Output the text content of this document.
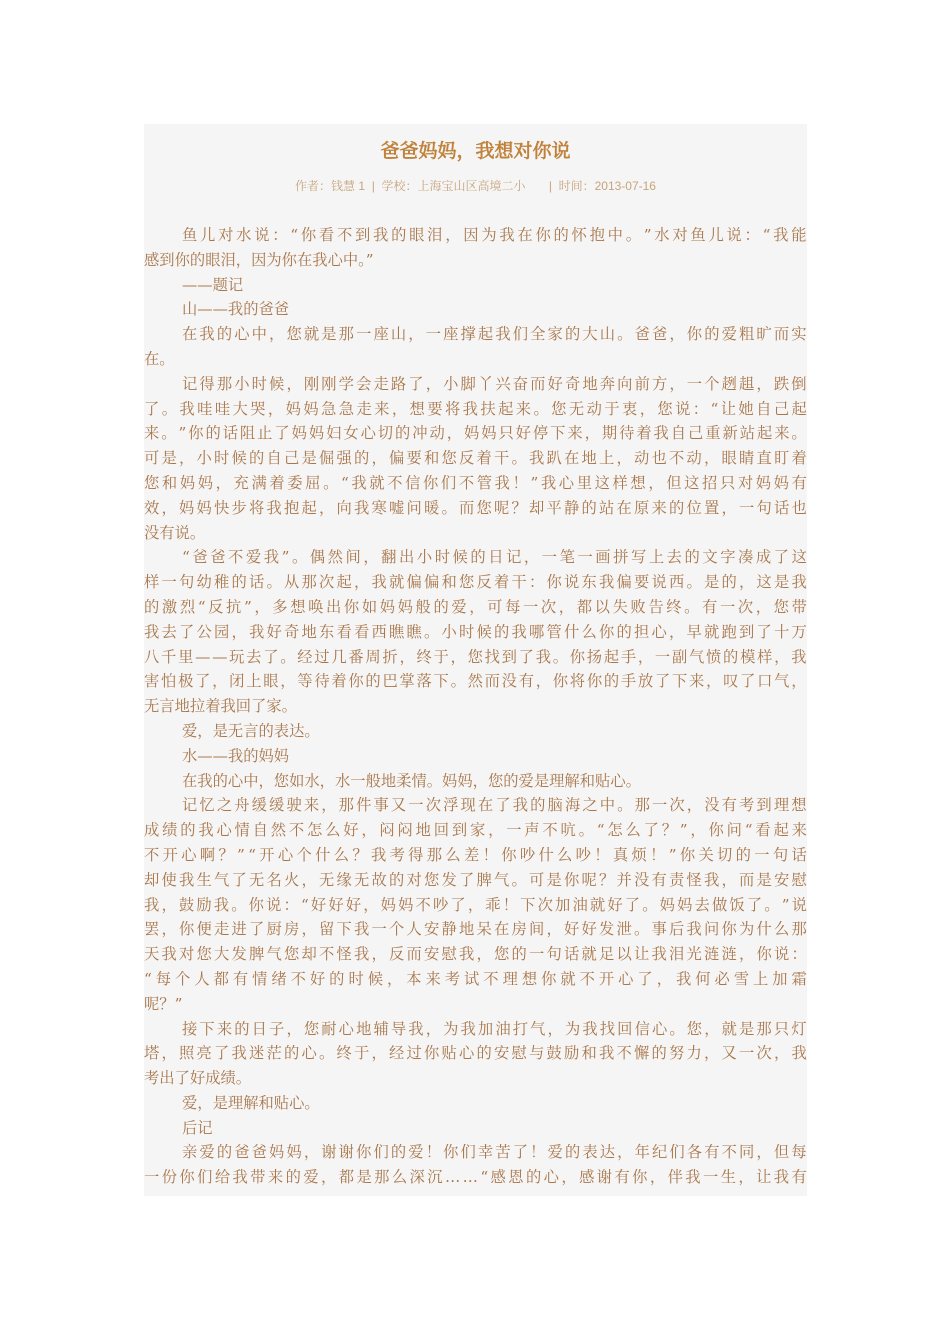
爸爸妈妈，我想对你说
作者：钱慧 1  |  学校：上海宝山区高境二小       |  时间：2013-07-16
鱼 儿 对 水 说 ： “ 你 看 不 到 我 的 眼 泪 ， 因 为 我 在 你 的 怀 抱 中 。 ” 水 对 鱼 儿 说 ： “ 我 能
感到你的眼泪，因为你在我心中。”
——题记
山——我的爸爸
在 我 的 心 中 ， 您 就 是 那 一 座 山 ， 一 座 撑 起 我 们 全 家 的 大 山 。 爸 爸 ， 你 的 爱 粗 旷 而 实
在。
记 得 那 小 时 候 ， 刚 刚 学 会 走 路 了 ， 小 脚 丫 兴 奋 而 好 奇 地 奔 向 前 方 ， 一 个 趔 趄 ， 跌 倒
了 。 我 哇 哇 大 哭 ， 妈 妈 急 急 走 来 ， 想 要 将 我 扶 起 来 。 您 无 动 于 衷 ， 您 说 ： “ 让 她 自 己 起
来 。 ” 你 的 话 阻 止 了 妈 妈 妇 女 心 切 的 冲 动 ， 妈 妈 只 好 停 下 来 ， 期 待 着 我 自 己 重 新 站 起 来 。
可 是 ， 小 时 候 的 自 己 是 倔 强 的 ， 偏 要 和 您 反 着 干 。 我 趴 在 地 上 ， 动 也 不 动 ， 眼 睛 直 盯 着
您 和 妈 妈 ， 充 满 着 委 屈 。 “ 我 就 不 信 你 们 不 管 我 ！ ” 我 心 里 这 样 想 ， 但 这 招 只 对 妈 妈 有
效 ， 妈 妈 快 步 将 我 抱 起 ， 向 我 寒 嘘 问 暖 。 而 您 呢 ？ 却 平 静 的 站 在 原 来 的 位 置 ， 一 句 话 也
没有说。
“ 爸 爸 不 爱 我 ” 。 偶 然 间 ， 翻 出 小 时 候 的 日 记 ， 一 笔 一 画 拼 写 上 去 的 文 字 凑 成 了 这
样 一 句 幼 稚 的 话 。 从 那 次 起 ， 我 就 偏 偏 和 您 反 着 干 ： 你 说 东 我 偏 要 说 西 。 是 的 ， 这 是 我
的 激 烈 “ 反 抗 ” ， 多 想 唤 出 你 如 妈 妈 般 的 爱 ， 可 每 一 次 ， 都 以 失 败 告 终 。 有 一 次 ， 您 带
我 去 了 公 园 ， 我 好 奇 地 东 看 看 西 瞧 瞧 。 小 时 候 的 我 哪 管 什 么 你 的 担 心 ， 早 就 跑 到 了 十 万
八 千 里 — — 玩 去 了 。 经 过 几 番 周 折 ， 终 于 ， 您 找 到 了 我 。 你 扬 起 手 ， 一 副 气 愤 的 模 样 ， 我
害 怕 极 了 ， 闭 上 眼 ， 等 待 着 你 的 巴 掌 落 下 。 然 而 没 有 ， 你 将 你 的 手 放 了 下 来 ， 叹 了 口 气 ，
无言地拉着我回了家。
爱，是无言的表达。
水——我的妈妈
在我的心中，您如水，水一般地柔情。妈妈，您的爱是理解和贴心。
记 忆 之 舟 缓 缓 驶 来 ， 那 件 事 又 一 次 浮 现 在 了 我 的 脑 海 之 中 。 那 一 次 ， 没 有 考 到 理 想
成 绩 的 我 心 情 自 然 不 怎 么 好 ， 闷 闷 地 回 到 家 ， 一 声 不 吭 。 “ 怎 么 了 ？ ” ， 你 问 “ 看 起 来
不 开 心 啊 ？ ” “ 开 心 个 什 么 ？ 我 考 得 那 么 差 ！ 你 吵 什 么 吵 ！ 真 烦 ！ ” 你 关 切 的 一 句 话
却 使 我 生 气 了 无 名 火 ， 无 缘 无 故 的 对 您 发 了 脾 气 。 可 是 你 呢 ？ 并 没 有 责 怪 我 ， 而 是 安 慰
我 ， 鼓 励 我 。 你 说 ： “ 好 好 好 ， 妈 妈 不 吵 了 ， 乖 ！ 下 次 加 油 就 好 了 。 妈 妈 去 做 饭 了 。 ” 说
罢 ， 你 便 走 进 了 厨 房 ， 留 下 我 一 个 人 安 静 地 呆 在 房 间 ， 好 好 发 泄 。 事 后 我 问 你 为 什 么 那
天 我 对 您 大 发 脾 气 您 却 不 怪 我 ， 反 而 安 慰 我 ， 您 的 一 句 话 就 足 以 让 我 泪 光 涟 涟 ， 你 说 ：
“ 每 个 人 都 有 情 绪 不 好 的 时 候 ， 本 来 考 试 不 理 想 你 就 不 开 心 了 ， 我 何 必 雪 上 加 霜
呢？”
接 下 来 的 日 子 ， 您 耐 心 地 辅 导 我 ， 为 我 加 油 打 气 ， 为 我 找 回 信 心 。 您 ， 就 是 那 只 灯
塔 ， 照 亮 了 我 迷 茫 的 心 。 终 于 ， 经 过 你 贴 心 的 安 慰 与 鼓 励 和 我 不 懈 的 努 力 ， 又 一 次 ， 我
考出了好成绩。
爱，是理解和贴心。
后记
亲 爱 的 爸 爸 妈 妈 ， 谢 谢 你 们 的 爱 ！ 你 们 幸 苦 了 ！ 爱 的 表 达 ， 年 纪 们 各 有 不 同 ， 但 每
一 份 你 们 给 我 带 来 的 爱 ， 都 是 那 么 深 沉 … … “ 感 恩 的 心 ， 感 谢 有 你 ， 伴 我 一 生 ， 让 我 有
